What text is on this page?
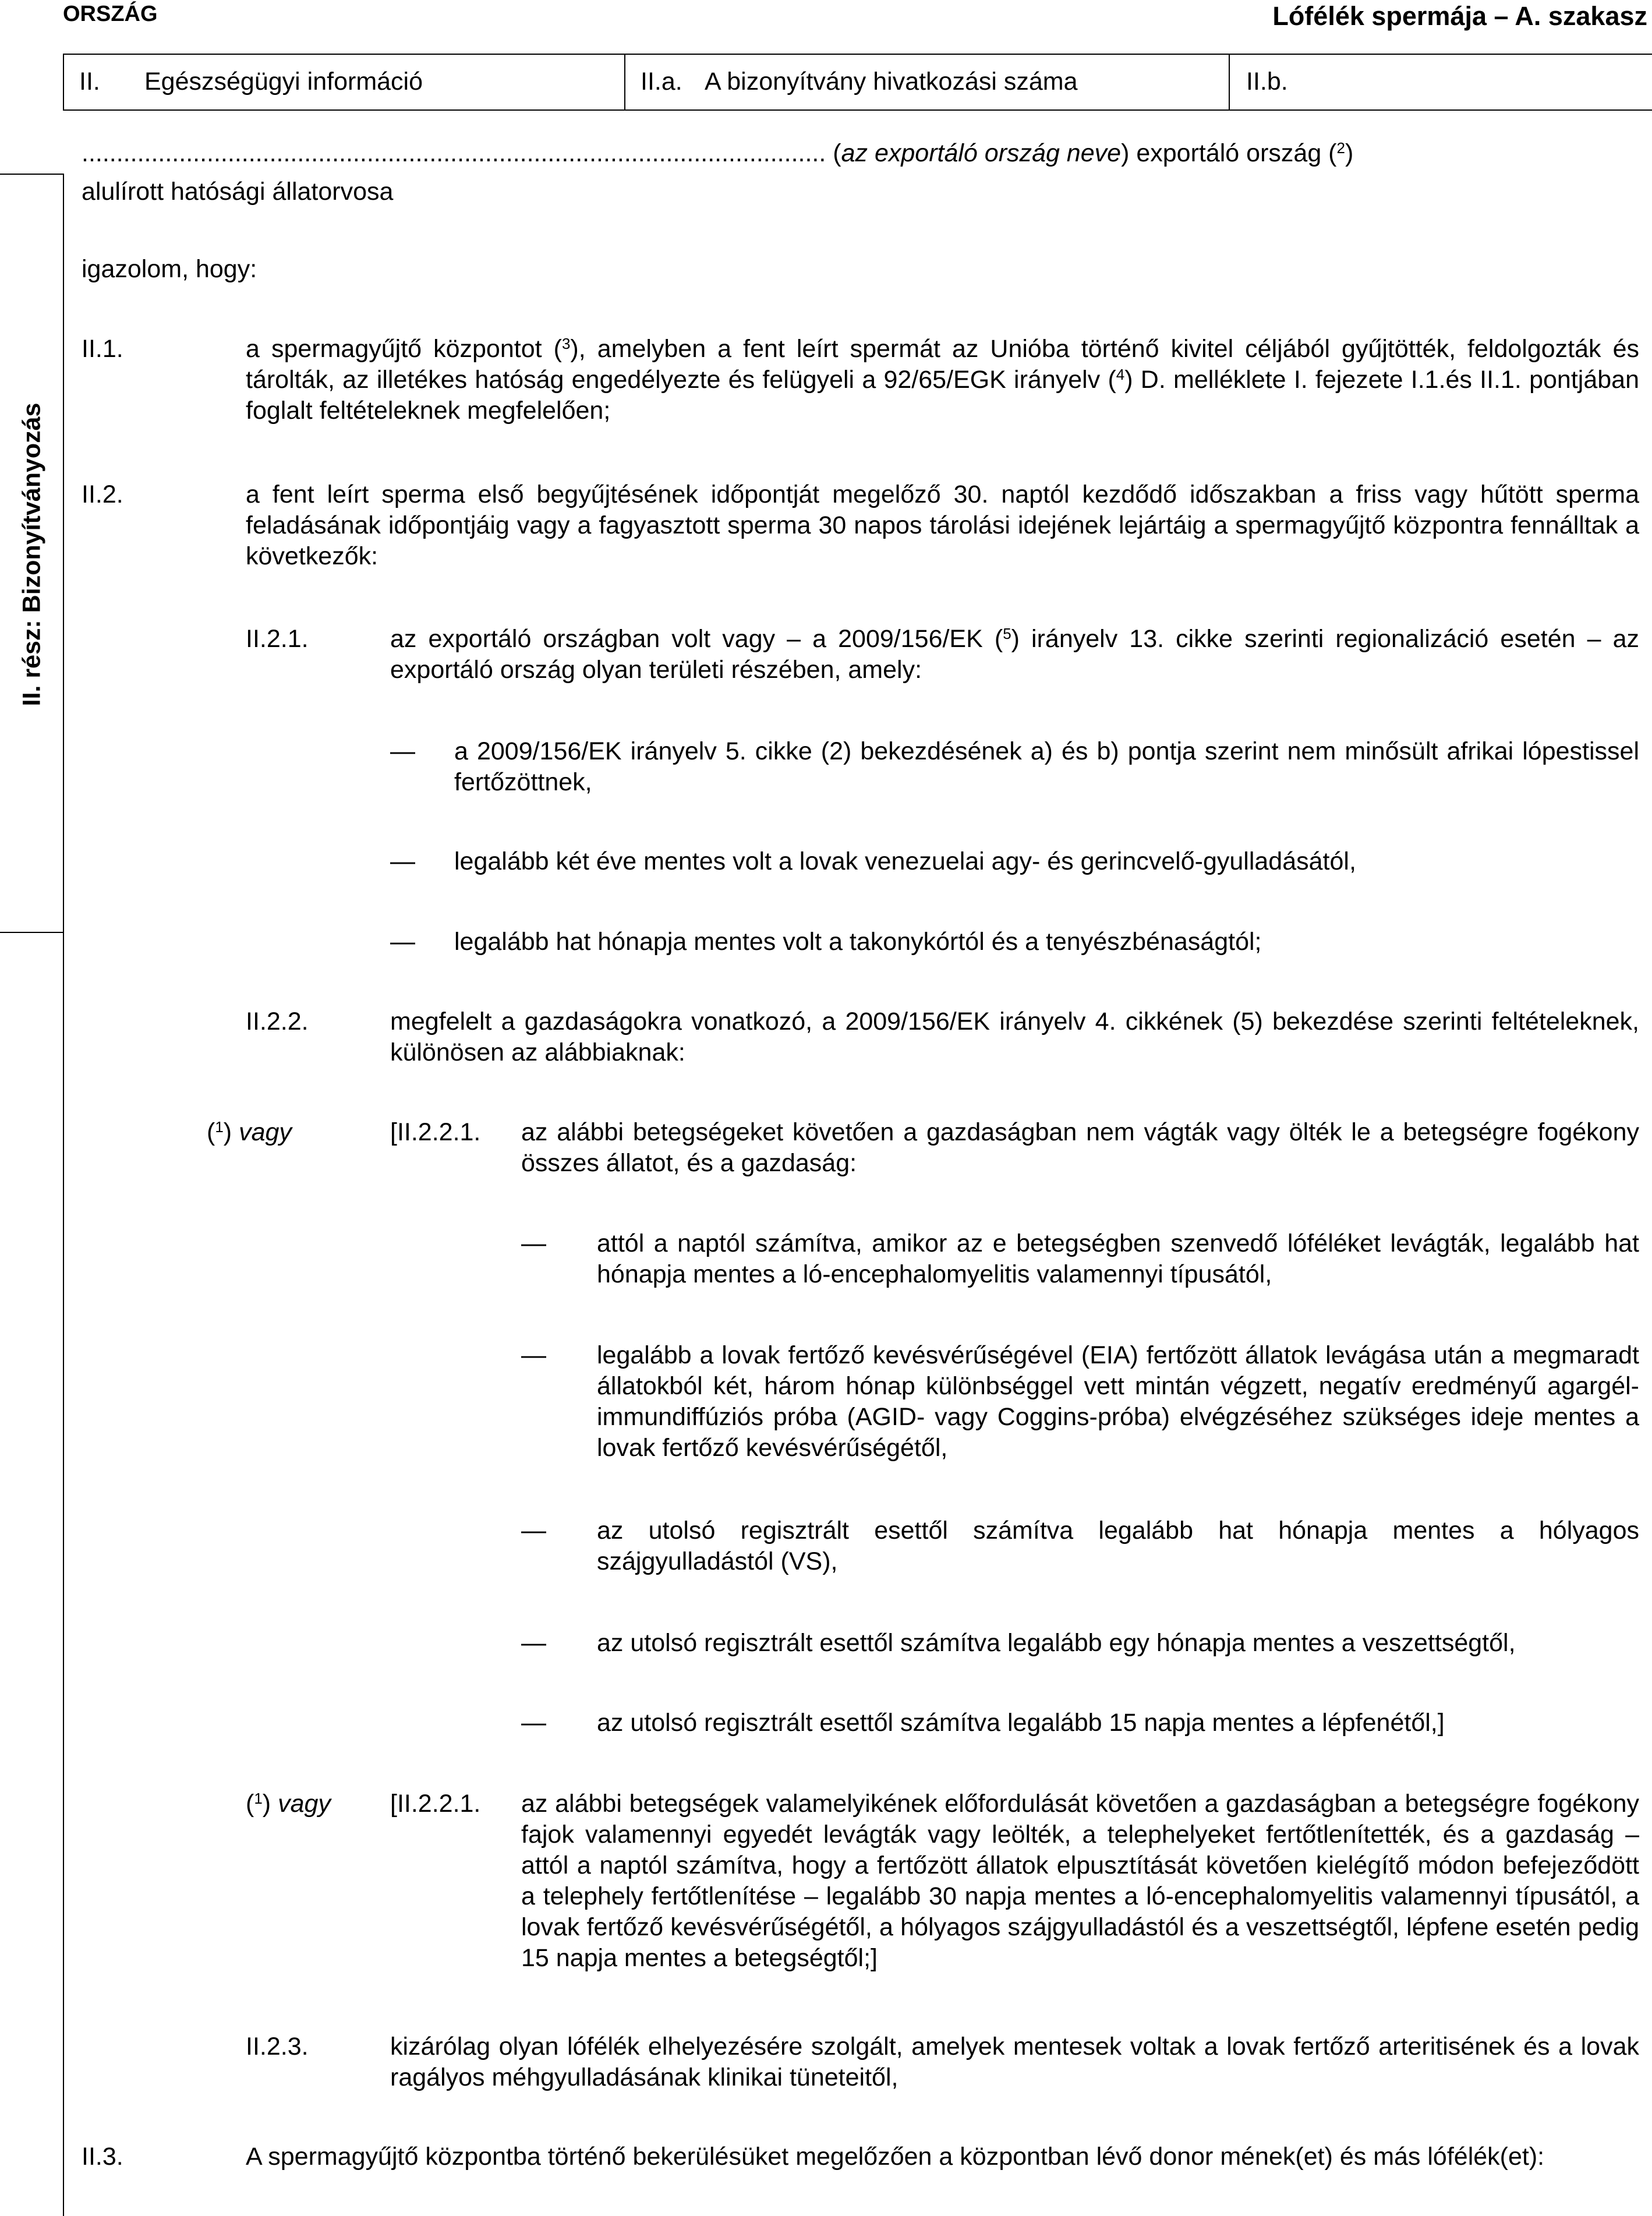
ORSZÁG	Lófélék spermája – A. szakasz
II. Egészségügyi információ	II.a. A bizonyítvány hivatkozási száma	II.b.
II. rész: Bizonyítványozás
........................................................................................................... (az exportáló ország neve) exportáló ország ($^2$)
alulírott hatósági állatorvosa
igazolom, hogy:
II.1.	a spermagyűjtő központot ($^3$), amelyben a fent leírt spermát az Unióba történő kivitel céljából gyűjtötték, feldolgozták és tárolták, az illetékes hatóság engedélyezte és felügyeli a 92/65/EGK irányelv ($^4$) D. melléklete I. fejezete I.1.és II.1. pontjában foglalt feltételeknek megfelelően;
II.2.	a fent leírt sperma első begyűjtésének időpontját megelőző 30. naptól kezdődő időszakban a friss vagy hűtött sperma feladásának időpontjáig vagy a fagyasztott sperma 30 napos tárolási idejének lejártáig a spermagyűjtő központra fennálltak a következők:
II.2.1.	az exportáló országban volt vagy – a 2009/156/EK ($^5$) irányelv 13. cikke szerinti regionalizáció esetén – az exportáló ország olyan területi részében, amely:
— a 2009/156/EK irányelv 5. cikke (2) bekezdésének a) és b) pontja szerint nem minősült afrikai lópestissel fertőzöttnek,
— legalább két éve mentes volt a lovak venezuelai agy- és gerincvelő-gyulladásától,
— legalább hat hónapja mentes volt a takonykórtól és a tenyészbénaságtól;
II.2.2.	megfelelt a gazdaságokra vonatkozó, a 2009/156/EK irányelv 4. cikkének (5) bekezdése szerinti feltételeknek, különösen az alábbiaknak:
($^1$) vagy	[II.2.2.1. az alábbi betegségeket követően a gazdaságban nem vágták vagy ölték le a betegségre fogékony összes állatot, és a gazdaság:
— attól a naptól számítva, amikor az e betegségben szenvedő lóféléket levágták, legalább hat hónapja mentes a ló-encephalomyelitis valamennyi típusától,
— legalább a lovak fertőző kevésvérűségével (EIA) fertőzött állatok levágása után a megmaradt állatokból két, három hónap különbséggel vett mintán végzett, negatív eredményű agargél-immundiffúziós próba (AGID- vagy Coggins-próba) elvégzéséhez szükséges ideje mentes a lovak fertőző kevésvérűségétől,
— az utolsó regisztrált esettől számítva legalább hat hónapja mentes a hólyagos szájgyulladástól (VS),
— az utolsó regisztrált esettől számítva legalább egy hónapja mentes a veszettségtől,
— az utolsó regisztrált esettől számítva legalább 15 napja mentes a lépfenétől,]
($^1$) vagy [II.2.2.1. az alábbi betegségek valamelyikének előfordulását követően a gazdaságban a betegségre fogékony fajok valamennyi egyedét levágták vagy leölték, a telephelyeket fertőtlenítették, és a gazdaság – attól a naptól számítva, hogy a fertőzött állatok elpusztítását követően kielégítő módon befejeződött a telephely fertőtlenítése – legalább 30 napja mentes a ló-encephalomyelitis valamennyi típusától, a lovak fertőző kevésvérűségétől, a hólyagos szájgyulladástól és a veszettségtől, lépfene esetén pedig 15 napja mentes a betegségtől;]
II.2.3.	kizárólag olyan lófélék elhelyezésére szolgált, amelyek mentesek voltak a lovak fertőző arteritisének és a lovak ragályos méhgyulladásának klinikai tüneteitől,
II.3.	A spermagyűjtő központba történő bekerülésüket megelőzően a központban lévő donor mének(et) és más lófélék(et):
